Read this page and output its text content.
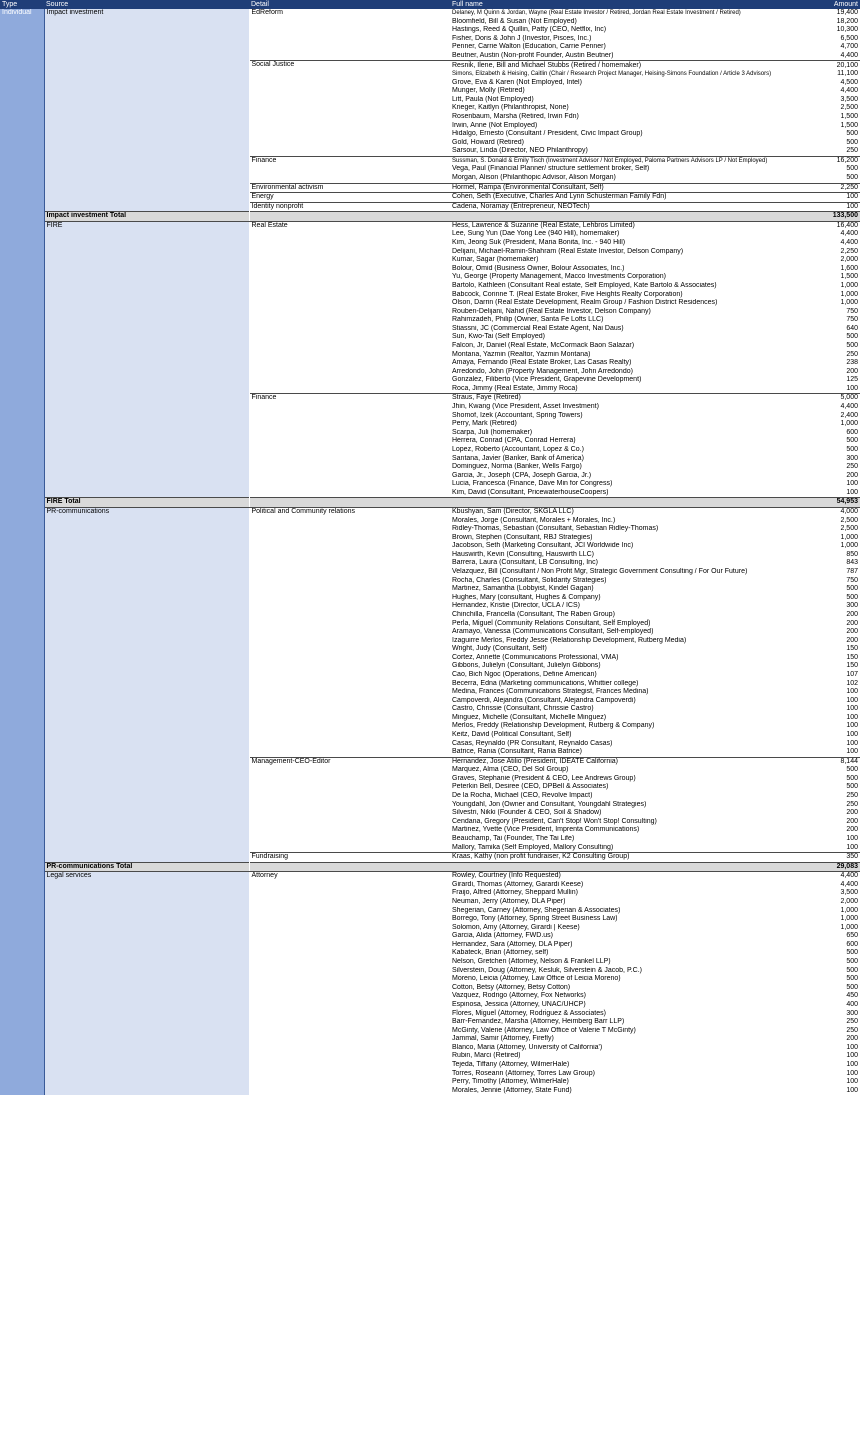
Type	Source	Detail	Full name	Amount
Individual	Impact investment	EdReform	Delaney, M Quinn & Jordan, Wayne (Real Estate Investor / Retired, Jordan Real Estate Investment / Retired)	19,400
			Bloomfield, Bill & Susan (Not Employed)	18,200
			Hastings, Reed & Quillin, Patty (CEO, Netflix, Inc)	10,300
			Fisher, Doris & John J (Investor, Pisces, Inc.)	6,500
			Penner, Carrie Walton (Education, Carrie Penner)	4,700
			Beutner, Austin (Non-profit Founder, Austin Beutner)	4,400
		Social Justice	Resnik, Ilene, Bill and Michael Stubbs (Retired / homemaker)	20,100
			Simons, Elizabeth & Heising, Caitlin (Chair / Research Project Manager, Heising-Simons Foundation / Article 3 Advisors)	11,100
			Grove, Eva & Karen (Not Employed, Intel)	4,500
			Munger, Molly (Retired)	4,400
			Litt, Paula (Not Employed)	3,500
			Krieger, Kaitlyn (Philanthropist, None)	2,500
			Rosenbaum, Marsha (Retired, Irwin Fdn)	1,500
			Irwin, Anne (Not Employed)	1,500
			Hidalgo, Ernesto (Consultant / President, Civic Impact Group)	500
			Gold, Howard (Retired)	500
			Sarsour, Linda (Director, NEO Philanthropy)	250
		Finance	Sussman, S. Donald & Emily Tisch (Investment Advisor / Not Employed, Paloma Partners Advisors LP / Not Employed)	16,200
			Vega, Paul (Financial Planner/ structure settlement broker, Self)	500
			Morgan, Alison (Philanthopic Advisor, Alison Morgan)	500
		Environmental activism	Hormel, Rampa (Environmental Consultant, Self)	2,250
		Energy	Cohen, Seth (Executive, Charles And Lynn Schusterman Family Fdn)	100
		Identity nonprofit	Cadena, Noramay (Entrepreneur, NEOTech)	100
	Impact investment Total			133,500
	FIRE	Real Estate	Hess, Lawrence & Suzanne (Real Estate, Lehbros Limited)	16,400
			Lee, Sung Yun (Dae Yong Lee (940 Hill), homemaker)	4,400
			Kim, Jeong Suk (President, Maria Bonita, Inc. - 940 Hill)	4,400
			Delijani, Michael-Ramin-Shahram (Real Estate Investor, Delson Company)	2,250
			Kumar, Sagar (homemaker)	2,000
			Bolour, Omid (Business Owner, Bolour Associates, Inc.)	1,600
			Yu, George (Property Management, Macco Investments Corporation)	1,500
			Bartolo, Kathleen (Consultant Real estate, Self Employed, Kate Bartolo & Associates)	1,000
			Babcock, Corinne T. (Real Estate Broker, Five Heights Realty Corporation)	1,000
			Olson, Darrin (Real Estate Development, Realm Group / Fashion District Residences)	1,000
			Rouben-Delijani, Nahid (Real Estate Investor, Delson Company)	750
			Rahimzadeh, Philip (Owner, Santa Fe Lofts LLC)	750
			Stiassni, JC (Commercial Real Estate Agent, Nai Daus)	640
			Sun, Kwo-Tai (Self Employed)	500
			Falcon, Jr, Daniel (Real Estate, McCormack Baon Salazar)	500
			Montana, Yazmin (Realtor, Yazmin Montana)	250
			Amaya, Fernando (Real Estate Broker, Las Casas Realty)	238
			Arredondo, John (Property Management, John Arredondo)	200
			Gonzalez, Filiberto (Vice President, Grapevine Development)	125
			Roca, Jimmy (Real Estate, Jimmy Roca)	100
		Finance	Straus, Faye (Retired)	5,000
			Jhin, Kwang (Vice President, Asset Investment)	4,400
			Shomof, Izek (Accountant, Spring Towers)	2,400
			Perry, Mark (Retired)	1,000
			Scarpa, Juli (homemaker)	600
			Herrera, Conrad (CPA, Conrad Herrera)	500
			Lopez, Roberto (Accountant, Lopez & Co.)	500
			Santana, Javier (Banker, Bank of America)	300
			Dominguez, Norma (Banker, Wells Fargo)	250
			Garcia, Jr., Joseph (CPA, Joseph Garcia, Jr.)	200
			Lucia, Francesca (Finance, Dave Min for Congress)	100
			Kim, David (Consultant, PricewaterhouseCoopers)	100
	FIRE Total			54,953
	PR-communications	Political and Community relations	Kbushyan, Sam (Director, SKGLA LLC)	4,000
			Morales, Jorge (Consultant, Morales + Morales, Inc.)	2,500
			Ridley-Thomas, Sebastian (Consultant, Sebastian Ridley-Thomas)	2,500
			Brown, Stephen (Consultant, RBJ Strategies)	1,000
			Jacobson, Seth (Marketing Consultant, JCI Worldwide Inc)	1,000
			Hauswirth, Kevin (Consulting, Hauswirth LLC)	850
			Barrera, Laura (Consultant, LB Consulting, Inc)	843
			Velazquez, Bill (Consultant / Non Profit Mgr, Strategic Government Consulting / For Our Future)	787
			Rocha, Charles (Consultant, Solidarity Strategies)	750
			Martinez, Samantha (Lobbyist, Kindel Gagan)	500
			Hughes, Mary (consultant, Hughes & Company)	500
			Hernandez, Kristie (Director, UCLA / ICS)	300
			Chinchilla, Francella (Consultant, The Raben Group)	200
			Perla, Miguel (Community Relations Consultant, Self Employed)	200
			Aramayo, Vanessa (Communications Consultant, Self-employed)	200
			Izaguirre Merlos, Freddy Jesse (Relationship Development, Rutberg Media)	200
			Wright, Judy (Consultant, Self)	150
			Cortez, Annette (Communications Professional, VMA)	150
			Gibbons, Julielyn (Consultant, Julielyn Gibbons)	150
			Cao, Bich Ngoc (Operations, Define American)	107
			Becerra, Edna (Marketing communications, Whittier college)	102
			Medina, Frances (Communications Strategist, Frances Medina)	100
			Campoverdi, Alejandra (Consultant, Alejandra Campoverdi)	100
			Castro, Chrissie (Consultant, Chrissie Castro)	100
			Minguez, Michelle (Consultant, Michelle Minguez)	100
			Merlos, Freddy (Relationship Development, Rutberg & Company)	100
			Keitz, David (Political Consultant, Self)	100
			Casas, Reynaldo (PR Consultant, Reynaldo Casas)	100
			Batrice, Rania (Consultant, Rania Batrice)	100
		Management-CEO-Editor	Hernandez, Jose Atilio (President, IDEATE California)	8,144
			Marquez, Alma (CEO, Del Sol Group)	500
			Graves, Stephanie (President & CEO, Lee Andrews Group)	500
			Peterkin Bell, Desiree (CEO, DPBell & Associates)	500
			De la Rocha, Michael (CEO, Revolve Impact)	250
			Youngdahl, Jon (Owner and Consultant, Youngdahl Strategies)	250
			Silvestri, Nikki (Founder & CEO, Soil & Shadow)	200
			Cendana, Gregory (President, Can't Stop! Won't Stop! Consulting)	200
			Martinez, Yvette (Vice President, Imprenta Communications)	200
			Beauchamp, Tai (Founder, The Tai Life)	100
			Mallory, Tamika (Self Employed, Mallory Consulting)	100
		Fundraising	Kraas, Kathy (non profit fundraiser, K2 Consulting Group)	350
	PR-communications Total			29,083
	Legal services	Attorney	Rowley, Courtney (Info Requested)	4,400
			Girardi, Thomas (Attorney, Garardi Keese)	4,400
			Fraijo, Alfred (Attorney, Sheppard Mullin)	3,500
			Neuman, Jerry (Attorney, DLA Piper)	2,000
			Shegerian, Carney (Attorney, Shegerian & Associates)	1,000
			Borrego, Tony (Attorney, Spring Street Business Law)	1,000
			Solomon, Amy (Attorney, Girardi | Keese)	1,000
			Garcia, Alida (Attorney, FWD.us)	650
			Hernandez, Sara (Attorney, DLA Piper)	600
			Kabateck, Brian (Attorney, self)	500
			Nelson, Gretchen (Attorney, Nelson & Frankel LLP)	500
			Silverstein, Doug (Attorney, Kesluk, Silverstein & Jacob, P.C.)	500
			Moreno, Leicia (Attorney, Law Office of Leicia Moreno)	500
			Cotton, Betsy (Attorney, Betsy Cotton)	500
			Vazquez, Rodrigo (Attorney, Fox Networks)	450
			Espinosa, Jessica (Attorney, UNAC/UHCP)	400
			Flores, Miguel (Attorney, Rodriguez & Associates)	300
			Barr-Fernandez, Marsha (Attorney, Heimberg Barr LLP)	250
			McGinty, Valerie (Attorney, Law Office of Valerie T McGinty)	250
			Jammal, Samir (Attorney, Firefly)	200
			Blanco, Maria (Attorney, University of California')	100
			Rubin, Marci (Retired)	100
			Tejeda, Tiffany (Attorney, WilmerHale)	100
			Torres, Roseann (Attorney, Torres Law Group)	100
			Perry, Timothy (Attorney, WilmerHale)	100
			Morales, Jennie (Attorney, State Fund)	100
